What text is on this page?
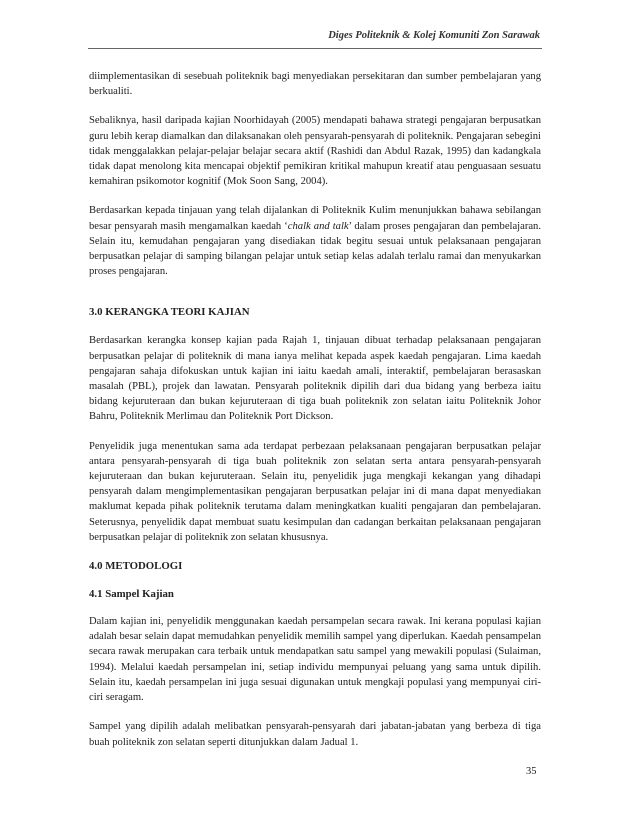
Diges Politeknik & Kolej Komuniti Zon Sarawak

diimplementasikan di sesebuah politeknik bagi menyediakan persekitaran dan sumber pembelajaran yang berkualiti.

Sebaliknya, hasil daripada kajian Noorhidayah (2005) mendapati bahawa strategi pengajaran berpusatkan guru lebih kerap diamalkan dan dilaksanakan oleh pensyarah-pensyarah di politeknik. Pengajaran sebegini tidak menggalakkan pelajar-pelajar belajar secara aktif (Rashidi dan Abdul Razak, 1995) dan kadangkala tidak dapat menolong kita mencapai objektif pemikiran kritikal mahupun kreatif atau penguasaan sesuatu kemahiran psikomotor kognitif (Mok Soon Sang, 2004).

Berdasarkan kepada tinjauan yang telah dijalankan di Politeknik Kulim menunjukkan bahawa sebilangan besar pensyarah masih mengamalkan kaedah ‘chalk and talk’ dalam proses pengajaran dan pembelajaran. Selain itu, kemudahan pengajaran yang disediakan tidak begitu sesuai untuk pelaksanaan pengajaran berpusatkan pelajar di samping bilangan pelajar untuk setiap kelas adalah terlalu ramai dan menyukarkan proses pengajaran.

3.0 KERANGKA TEORI KAJIAN

Berdasarkan kerangka konsep kajian pada Rajah 1, tinjauan dibuat terhadap pelaksanaan pengajaran berpusatkan pelajar di politeknik di mana ianya melihat kepada aspek kaedah pengajaran. Lima kaedah pengajaran sahaja difokuskan untuk kajian ini iaitu kaedah amali, interaktif, pembelajaran berasaskan masalah (PBL), projek dan lawatan. Pensyarah politeknik dipilih dari dua bidang yang berbeza iaitu bidang kejuruteraan dan bukan kejuruteraan di tiga buah politeknik zon selatan iaitu Politeknik Johor Bahru, Politeknik Merlimau dan Politeknik Port Dickson.

Penyelidik juga menentukan sama ada terdapat perbezaan pelaksanaan pengajaran berpusatkan pelajar antara pensyarah-pensyarah di tiga buah politeknik zon selatan serta antara pensyarah-pensyarah kejuruteraan dan bukan kejuruteraan. Selain itu, penyelidik juga mengkaji kekangan yang dihadapi pensyarah dalam mengimplementasikan pengajaran berpusatkan pelajar ini di mana dapat menyediakan maklumat kepada pihak politeknik terutama dalam meningkatkan kualiti pengajaran dan pembelajaran. Seterusnya, penyelidik dapat membuat suatu kesimpulan dan cadangan berkaitan pelaksanaan pengajaran berpusatkan pelajar di politeknik zon selatan khususnya.

4.0 METODOLOGI
4.1 Sampel Kajian

Dalam kajian ini, penyelidik menggunakan kaedah persampelan secara rawak. Ini kerana populasi kajian adalah besar selain dapat memudahkan penyelidik memilih sampel yang diperlukan. Kaedah pensampelan secara rawak merupakan cara terbaik untuk mendapatkan satu sampel yang mewakili populasi (Sulaiman, 1994). Melalui kaedah persampelan ini, setiap individu mempunyai peluang yang sama untuk dipilih. Selain itu, kaedah persampelan ini juga sesuai digunakan untuk mengkaji populasi yang mempunyai ciri-ciri seragam.

Sampel yang dipilih adalah melibatkan pensyarah-pensyarah dari jabatan-jabatan yang berbeza di tiga buah politeknik zon selatan seperti ditunjukkan dalam Jadual 1.

35
